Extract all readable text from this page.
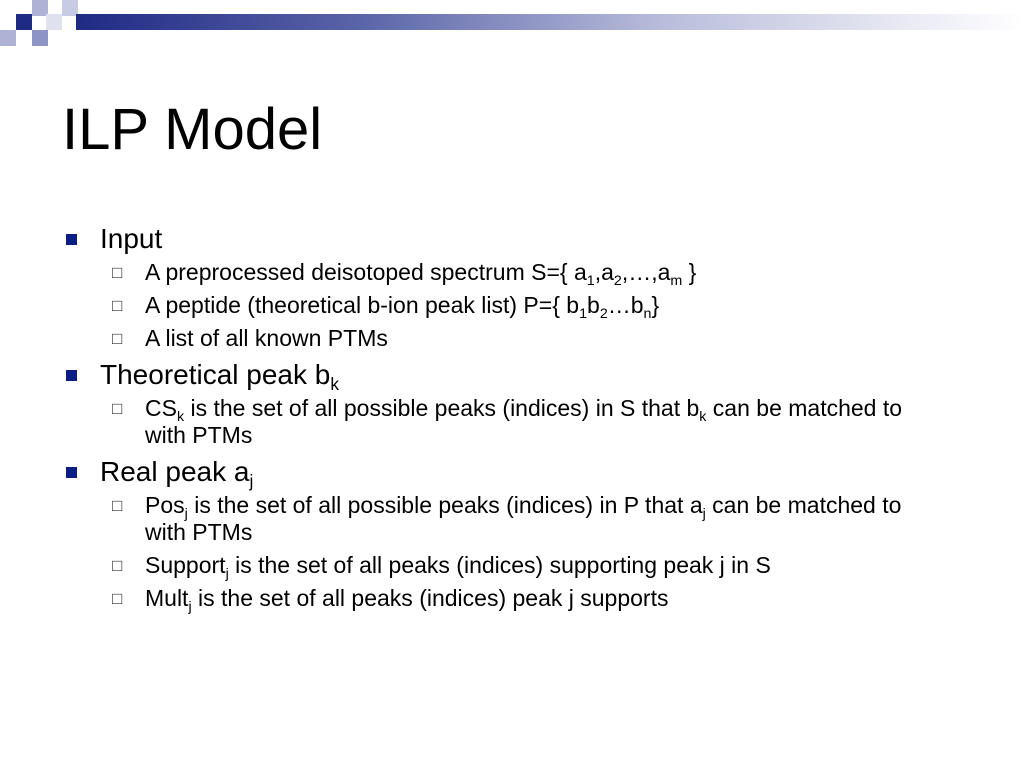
ILP Model
Input
□ A preprocessed deisotoped spectrum S={ $a_1,a_2,\dots,a_m$ }
□ A peptide (theoretical b-ion peak list) P={ $b_1b_2\dots b_n$}
□ A list of all known PTMs
Theoretical peak $b_k$
□ $CS_k$ is the set of all possible peaks (indices) in S that $b_k$ can be matched to with PTMs
Real peak $a_j$
□ Pos$_j$ is the set of all possible peaks (indices) in P that $a_j$ can be matched to with PTMs
□ Support$_j$ is the set of all peaks (indices) supporting peak j in S
□ Mult$_j$ is the set of all peaks (indices) peak j supports
